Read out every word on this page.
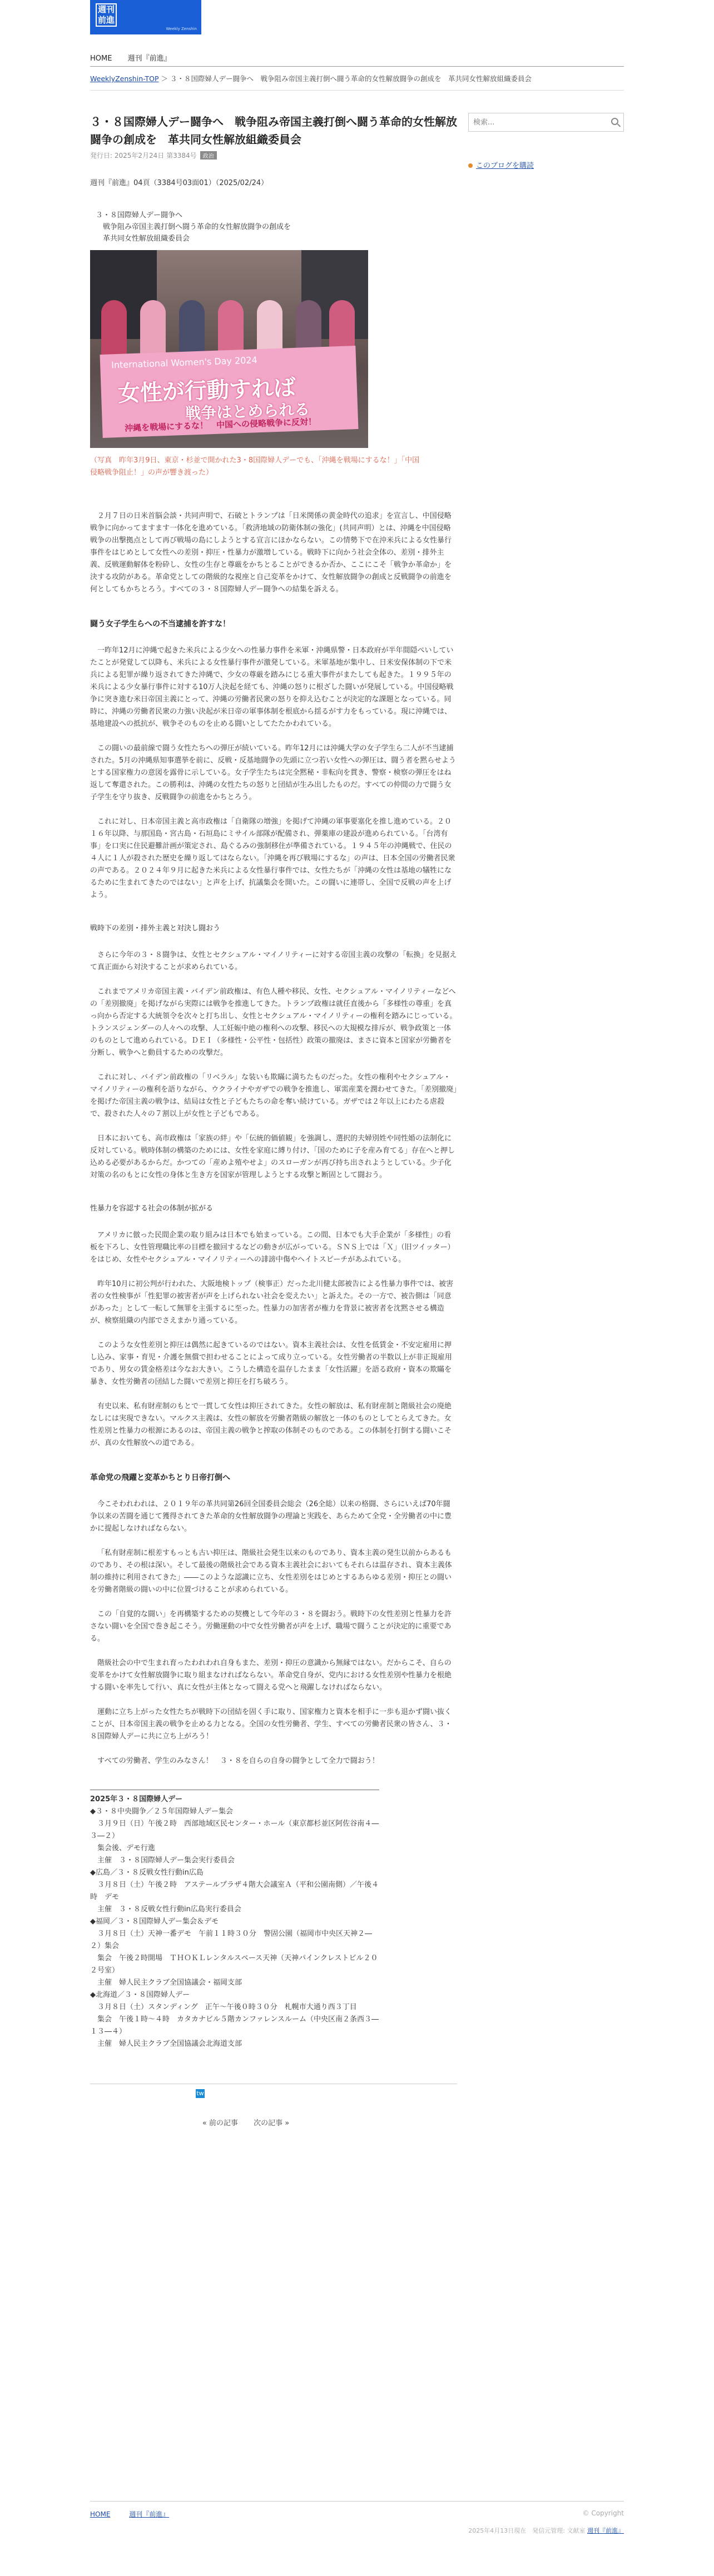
週刊前進
Weekly Zenshin
HOME 週刊『前進』
WeeklyZenshin-TOP ＞ ３・８国際婦人デー闘争へ　戦争阻み帝国主義打倒へ闘う革命的女性解放闘争の創成を　革共同女性解放組織委員会
３・８国際婦人デー闘争へ　戦争阻み帝国主義打倒へ闘う革命的女性解放闘争の創成を　革共同女性解放組織委員会
発行日: 2025年2月24日 第3384号 政治
週刊『前進』04頁（3384号03面01）（2025/02/24）
３・８国際婦人デー闘争へ
戦争阻み帝国主義打倒へ闘う革命的女性解放闘争の創成を
革共同女性解放組織委員会
International Women's Day 2024
女性が行動すれば
戦争はとめられる
沖縄を戦場にするな！　中国への侵略戦争に反対！
（写真　昨年3月9日、東京・杉並で開かれた3・8国際婦人デーでも、「沖縄を戦場にするな！」「中国侵略戦争阻止！」の声が響き渡った）

２月７日の日米首脳会談・共同声明で、石破とトランプは「日米関係の黄金時代の追求」を宣言し、中国侵略戦争に向かってますます一体化を進めている。「救済地域の防衛体制の強化」(共同声明）とは、沖縄を中国侵略戦争の出撃拠点として再び戦場の島にしようとする宣言にほかならない。この情勢下で在沖米兵による女性暴行事件をはじめとして女性への差別・抑圧・性暴力が激増している。戦時下に向かう社会全体の、差別・排外主義、反戦運動解体を粉砕し、女性の生存と尊厳をかちとることができるか否か、ここにこそ「戦争か革命か」を決する攻防がある。革命党としての階級的な視座と自己変革をかけて、女性解放闘争の創成と反戦闘争の前進を何としてもかちとろう。すべての３・８国際婦人デー闘争への結集を訴える。

闘う女子学生らへの不当逮捕を許すな！

一昨年12月に沖縄で起きた米兵による少女への性暴力事件を米軍・沖縄県警・日本政府が半年間隠ぺいしていたことが発覚して以降も、米兵による女性暴行事件が激発している。米軍基地が集中し、日米安保体制の下で米兵による犯罪が繰り返されてきた沖縄で、少女の尊厳を踏みにじる重大事件がまたしても起きた。１９９５年の米兵による少女暴行事件に対する10万人決起を経ても、沖縄の怒りに根ざした闘いが発展している。中国侵略戦争に突き進む米日帝国主義にとって、沖縄の労働者民衆の怒りを抑え込むことが決定的な課題となっている。同時に、沖縄の労働者民衆の力強い決起が米日帝の軍事体制を根底から揺るがす力をもっている。現に沖縄では、基地建設への抵抗が、戦争そのものを止める闘いとしてたたかわれている。

この闘いの最前線で闘う女性たちへの弾圧が続いている。昨年12月には沖縄大学の女子学生ら二人が不当逮捕された。5月の沖縄県知事選挙を前に、反戦・反基地闘争の先頭に立つ若い女性への弾圧は、闘う者を黙らせようとする国家権力の意図を露骨に示している。女子学生たちは完全黙秘・非転向を貫き、警察・検察の弾圧をはね返して奪還された。この勝利は、沖縄の女性たちの怒りと団結が生み出したものだ。すべての仲間の力で闘う女子学生を守り抜き、反戦闘争の前進をかちとろう。

これに対し、日本帝国主義と高市政権は「自衛隊の増強」を掲げて沖縄の軍事要塞化を推し進めている。２０１６年以降、与那国島・宮古島・石垣島にミサイル部隊が配備され、弾薬庫の建設が進められている。「台湾有事」を口実に住民避難計画が策定され、島ぐるみの強制移住が準備されている。１９４５年の沖縄戦で、住民の４人に１人が殺された歴史を繰り返してはならない。「沖縄を再び戦場にするな」の声は、日本全国の労働者民衆の声である。２０２４年９月に起きた米兵による女性暴行事件では、女性たちが「沖縄の女性は基地の犠牲になるために生まれてきたのではない」と声を上げ、抗議集会を開いた。この闘いに連帯し、全国で反戦の声を上げよう。

戦時下の差別・排外主義と対決し闘おう

さらに今年の３・８闘争は、女性とセクシュアル・マイノリティーに対する帝国主義の攻撃の「転換」を見据えて真正面から対決することが求められている。

これまでアメリカ帝国主義・バイデン前政権は、有色人種や移民、女性、セクシュアル・マイノリティーなどへの「差別撤廃」を掲げながら実際には戦争を推進してきた。トランプ政権は就任直後から「多様性の尊重」を真っ向から否定する大統領令を次々と打ち出し、女性とセクシュアル・マイノリティーの権利を踏みにじっている。トランスジェンダーの人々への攻撃、人工妊娠中絶の権利への攻撃、移民への大規模な排斥が、戦争政策と一体のものとして進められている。ＤＥＩ（多様性・公平性・包括性）政策の撤廃は、まさに資本と国家が労働者を分断し、戦争へと動員するための攻撃だ。

これに対し、バイデン前政権の「リベラル」な装いも欺瞞に満ちたものだった。女性の権利やセクシュアル・マイノリティーの権利を語りながら、ウクライナやガザでの戦争を推進し、軍需産業を潤わせてきた。「差別撤廃」を掲げた帝国主義の戦争は、結局は女性と子どもたちの命を奪い続けている。ガザでは２年以上にわたる虐殺で、殺された人々の７割以上が女性と子どもである。

日本においても、高市政権は「家族の絆」や「伝統的価値観」を強調し、選択的夫婦別姓や同性婚の法制化に反対している。戦時体制の構築のためには、女性を家庭に縛り付け、「国のために子を産み育てる」存在へと押し込める必要があるからだ。かつての「産めよ殖やせよ」のスローガンが再び持ち出されようとしている。少子化対策の名のもとに女性の身体と生き方を国家が管理しようとする攻撃と断固として闘おう。

性暴力を容認する社会の体制が拡がる

アメリカに倣った民間企業の取り組みは日本でも始まっている。この間、日本でも大手企業が「多様性」の看板を下ろし、女性管理職比率の目標を撤回するなどの動きが広がっている。ＳＮＳ上では「Ｘ」（旧ツイッター）をはじめ、女性やセクシュアル・マイノリティーへの誹謗中傷やヘイトスピーチがあふれている。

昨年10月に初公判が行われた、大阪地検トップ（検事正）だった北川健太郎被告による性暴力事件では、被害者の女性検事が「性犯罪の被害者が声を上げられない社会を変えたい」と訴えた。その一方で、被告側は「同意があった」として一転して無罪を主張するに至った。性暴力の加害者が権力を背景に被害者を沈黙させる構造が、検察組織の内部でさえまかり通っている。

このような女性差別と抑圧は偶然に起きているのではない。資本主義社会は、女性を低賃金・不安定雇用に押し込み、家事・育児・介護を無償で担わせることによって成り立っている。女性労働者の半数以上が非正規雇用であり、男女の賃金格差は今なお大きい。こうした構造を温存したまま「女性活躍」を語る政府・資本の欺瞞を暴き、女性労働者の団結した闘いで差別と抑圧を打ち破ろう。

有史以来、私有財産制のもとで一貫して女性は抑圧されてきた。女性の解放は、私有財産制と階級社会の廃絶なしには実現できない。マルクス主義は、女性の解放を労働者階級の解放と一体のものとしてとらえてきた。女性差別と性暴力の根源にあるのは、帝国主義の戦争と搾取の体制そのものである。この体制を打倒する闘いこそが、真の女性解放への道である。

革命党の飛躍と変革かちとり日帝打倒へ

今こそわれわれは、２０１９年の革共同第26回全国委員会総会（26全総）以来の格闘、さらにいえば70年闘争以来の苦闘を通じて獲得されてきた革命的女性解放闘争の理論と実践を、あらためて全党・全労働者の中に豊かに提起しなければならない。

「私有財産制に根差すもっとも古い抑圧は、階級社会発生以来のものであり、資本主義の発生以前からあるものであり、その根は深い。そして最後の階級社会である資本主義社会においてもそれらは温存され、資本主義体制の維持に利用されてきた」――このような認識に立ち、女性差別をはじめとするあらゆる差別・抑圧との闘いを労働者階級の闘いの中に位置づけることが求められている。

この「自覚的な闘い」を再構築するための契機として今年の３・８を闘おう。戦時下の女性差別と性暴力を許さない闘いを全国で巻き起こそう。労働運動の中で女性労働者が声を上げ、職場で闘うことが決定的に重要である。

階級社会の中で生まれ育ったわれわれ自身もまた、差別・抑圧の意識から無縁ではない。だからこそ、自らの変革をかけて女性解放闘争に取り組まなければならない。革命党自身が、党内における女性差別や性暴力を根絶する闘いを率先して行い、真に女性が主体となって闘える党へと飛躍しなければならない。

運動に立ち上がった女性たちが戦時下の団結を固く手に取り、国家権力と資本を相手に一歩も退かず闘い抜くことが、日本帝国主義の戦争を止める力となる。全国の女性労働者、学生、すべての労働者民衆の皆さん、３・８国際婦人デーに共に立ち上がろう！

すべての労働者、学生のみなさん！　３・８を自らの自身の闘争として全力で闘おう！

2025年３・８国際婦人デー
◆３・８中央闘争／２５年国際婦人デー集会
　３月９日（日）午後２時　西部地域区民センター・ホール（東京都杉並区阿佐谷南４―３―２）
　集会後、デモ行進
　主催　３・８国際婦人デー集会実行委員会
◆広島／３・８反戦女性行動in広島
　３月８日（土）午後２時　アステールプラザ４階大会議室Ａ（平和公園南側）／午後４時　デモ
　主催　３・８反戦女性行動in広島実行委員会
◆福岡／３・８国際婦人デー集会＆デモ
　３月８日（土）天神一番デモ　午前１１時３０分　警固公園（福岡市中央区天神２―２）集会
　集会　午後２時開場　ＴＨＯＫＬレンタルスペース天神（天神パインクレストビル２０２号室）
　主催　婦人民主クラブ全国協議会・福岡支部
◆北海道／３・８国際婦人デー
　３月８日（土）スタンディング　正午～午後０時３０分　札幌市大通り西３丁目
　集会　午後１時～４時　カタカナビル５階カンファレンスルーム（中央区南２条西３―１３―４）
　主催　婦人民主クラブ全国協議会北海道支部
tw
« 前の記事 次の記事 »
検索...
このブログを購読
HOME	週刊『前進』	© Copyright
2025年4月13日現在　発信元管理: 文献室 週刊『前進』
